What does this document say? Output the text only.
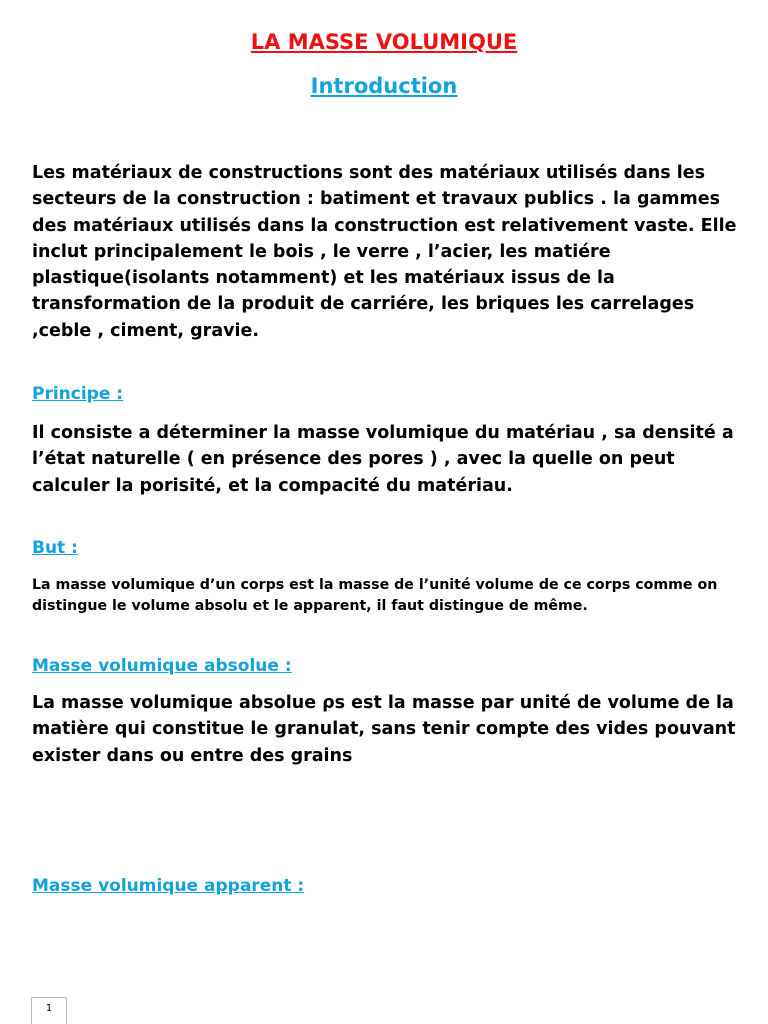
LA MASSE VOLUMIQUE
Introduction

Les matériaux de constructions sont des matériaux utilisés dans les secteurs de la construction : batiment et travaux publics . la gammes des matériaux utilisés dans la construction est relativement vaste. Elle inclut principalement le bois , le verre , l’acier, les matiére plastique(isolants notamment) et les matériaux issus de la transformation de la produit de carriére, les briques les carrelages ,ceble , ciment, gravie.

Principe :

Il consiste a déterminer la masse volumique du matériau , sa densité a l’état naturelle ( en présence des pores ) , avec la quelle on peut calculer la porisité, et la compacité du matériau.

But :

La masse volumique d’un corps est la masse de l’unité volume de ce corps comme on distingue le volume absolu et le apparent, il faut distingue de même.

Masse volumique absolue :

La masse volumique absolue ρs est la masse par unité de volume de la matière qui constitue le granulat, sans tenir compte des vides pouvant exister dans ou entre des grains

Masse volumique apparent :
1
